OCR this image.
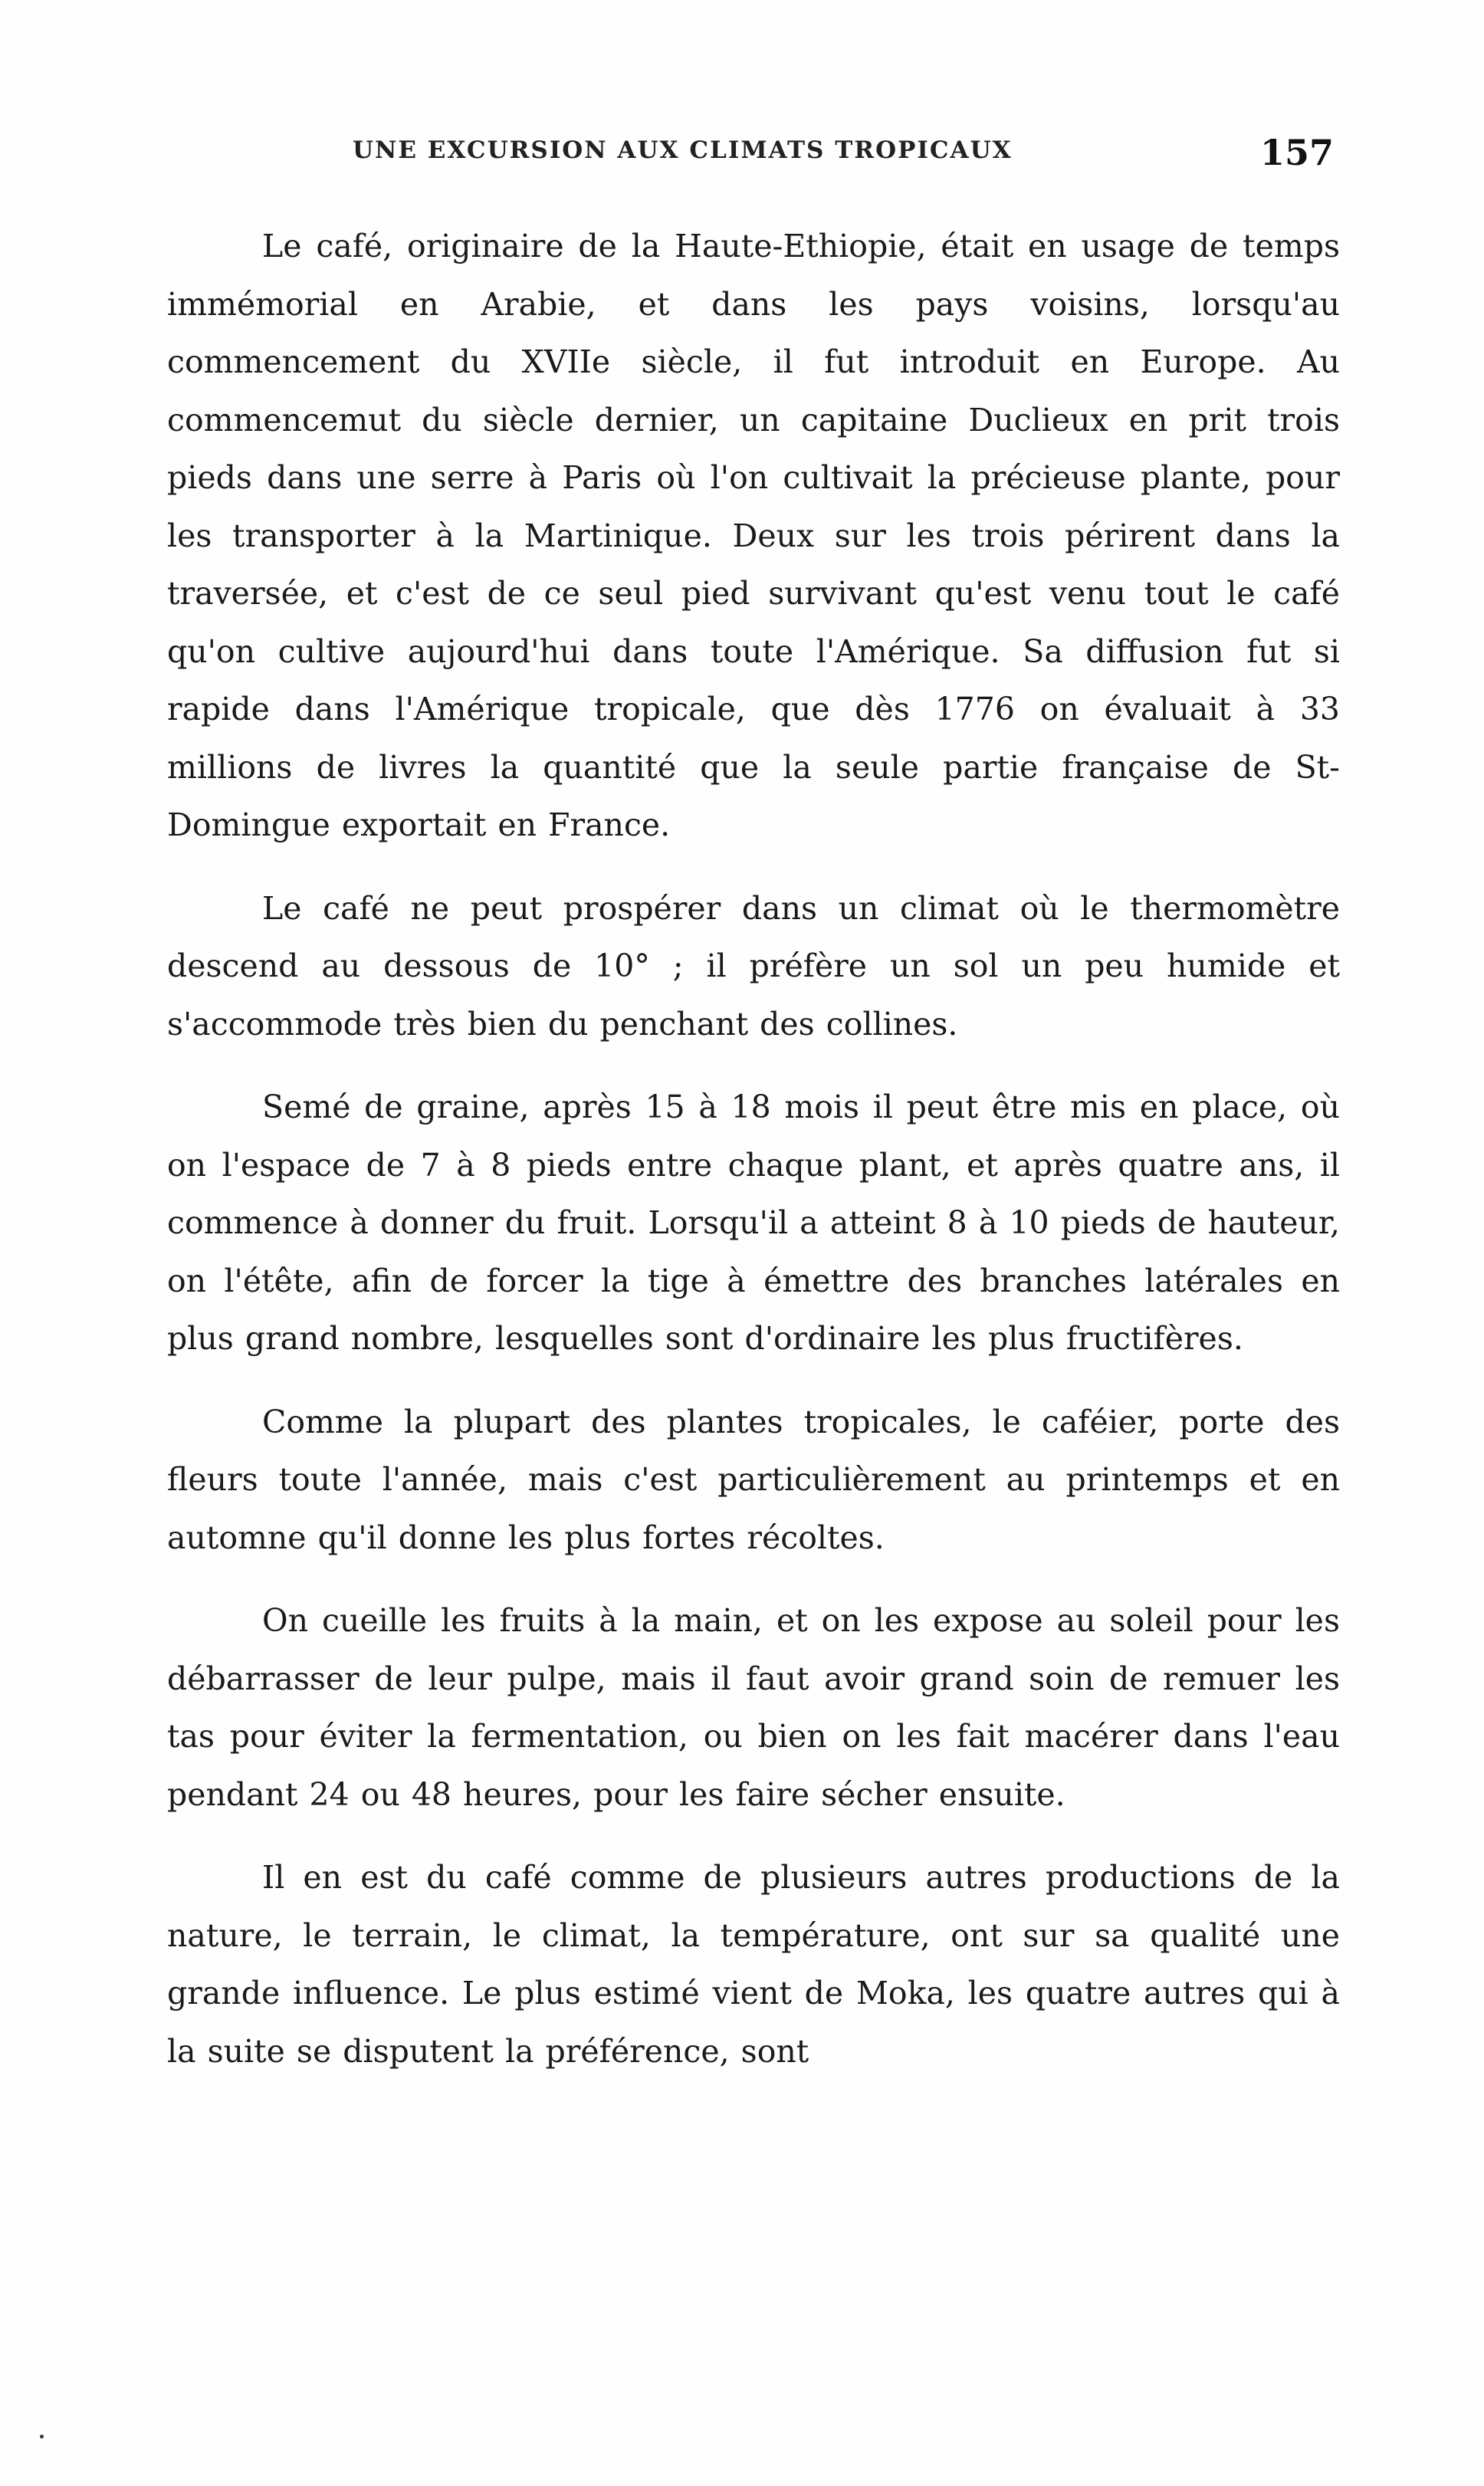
UNE EXCURSION AUX CLIMATS TROPICAUX	157

Le café, originaire de la Haute-Ethiopie, était en usage de temps immémorial en Arabie, et dans les pays voisins, lorsqu'au commencement du XVIIe siècle, il fut introduit en Europe. Au commencemut du siècle dernier, un capitaine Duclieux en prit trois pieds dans une serre à Paris où l'on cultivait la précieuse plante, pour les transporter à la Martinique. Deux sur les trois périrent dans la traversée, et c'est de ce seul pied survivant qu'est venu tout le café qu'on cultive aujourd'hui dans toute l'Amérique. Sa diffusion fut si rapide dans l'Amérique tropicale, que dès 1776 on évaluait à 33 millions de livres la quantité que la seule partie française de St-Domingue exportait en France.

Le café ne peut prospérer dans un climat où le thermomètre descend au dessous de 10° ; il préfère un sol un peu humide et s'accommode très bien du penchant des collines.

Semé de graine, après 15 à 18 mois il peut être mis en place, où on l'espace de 7 à 8 pieds entre chaque plant, et après quatre ans, il commence à donner du fruit. Lorsqu'il a atteint 8 à 10 pieds de hauteur, on l'étête, afin de forcer la tige à émettre des branches latérales en plus grand nombre, lesquelles sont d'ordinaire les plus fructifères.

Comme la plupart des plantes tropicales, le caféier, porte des fleurs toute l'année, mais c'est particulièrement au printemps et en automne qu'il donne les plus fortes récoltes.

On cueille les fruits à la main, et on les expose au soleil pour les débarrasser de leur pulpe, mais il faut avoir grand soin de remuer les tas pour éviter la fermentation, ou bien on les fait macérer dans l'eau pendant 24 ou 48 heures, pour les faire sécher ensuite.

Il en est du café comme de plusieurs autres productions de la nature, le terrain, le climat, la température, ont sur sa qualité une grande influence. Le plus estimé vient de Moka, les quatre autres qui à la suite se disputent la préférence, sont
